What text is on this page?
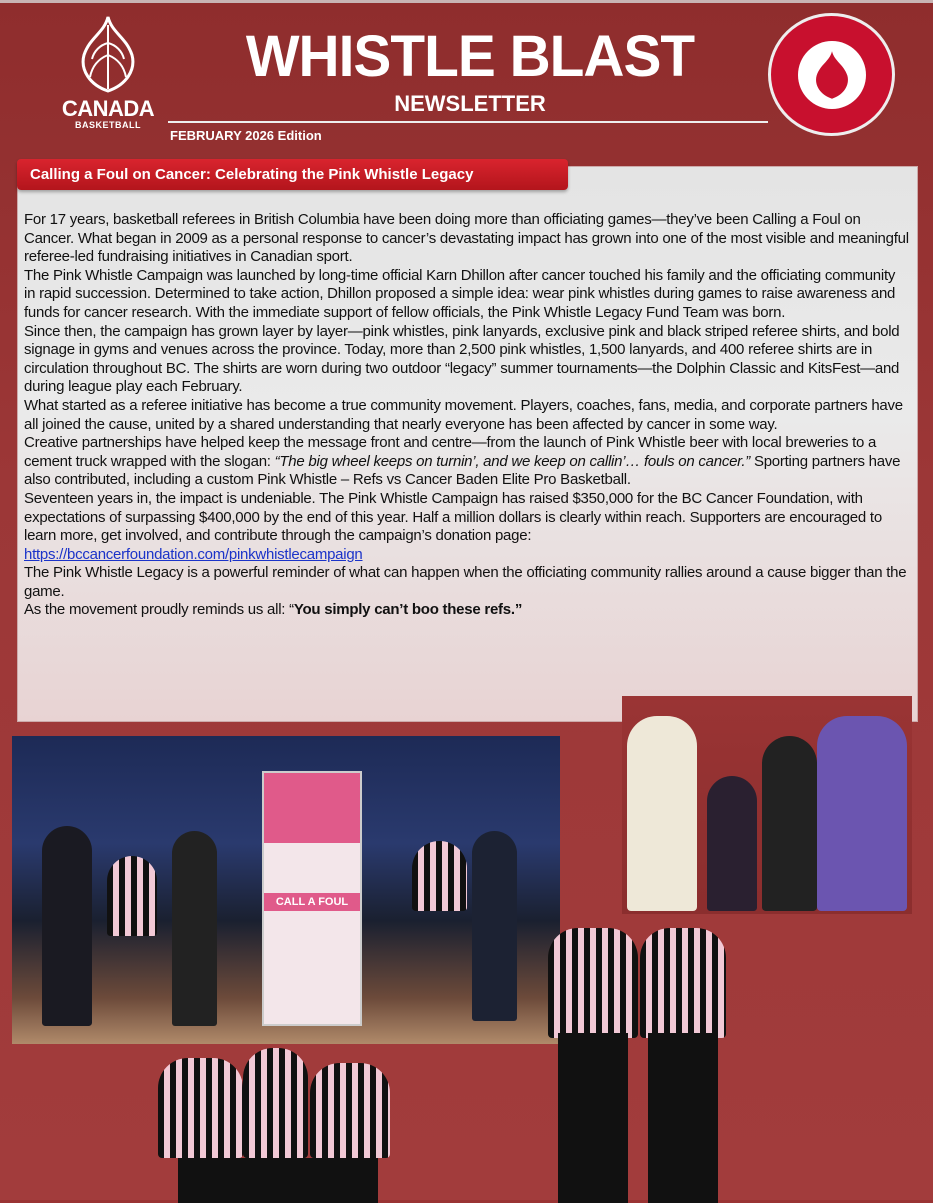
CANADA
BASKETBALL
WHISTLE BLAST
NEWSLETTER
FEBRUARY 2026 Edition
Calling a Foul on Cancer: Celebrating the Pink Whistle Legacy

For 17 years, basketball referees in British Columbia have been doing more than officiating games—they’ve been Calling a Foul on Cancer. What began in 2009 as a personal response to cancer’s devastating impact has grown into one of the most visible and meaningful referee-led fundraising initiatives in Canadian sport.

The Pink Whistle Campaign was launched by long-time official Karn Dhillon after cancer touched his family and the officiating community in rapid succession. Determined to take action, Dhillon proposed a simple idea: wear pink whistles during games to raise awareness and funds for cancer research. With the immediate support of fellow officials, the Pink Whistle Legacy Fund Team was born.

Since then, the campaign has grown layer by layer—pink whistles, pink lanyards, exclusive pink and black striped referee shirts, and bold signage in gyms and venues across the province. Today, more than 2,500 pink whistles, 1,500 lanyards, and 400 referee shirts are in circulation throughout BC. The shirts are worn during two outdoor “legacy” summer tournaments—the Dolphin Classic and KitsFest—and during league play each February.

What started as a referee initiative has become a true community movement. Players, coaches, fans, media, and corporate partners have all joined the cause, united by a shared understanding that nearly everyone has been affected by cancer in some way.

Creative partnerships have helped keep the message front and centre—from the launch of Pink Whistle beer with local breweries to a cement truck wrapped with the slogan: “The big wheel keeps on turnin’, and we keep on callin’… fouls on cancer.” Sporting partners have also contributed, including a custom Pink Whistle – Refs vs Cancer Baden Elite Pro Basketball.

Seventeen years in, the impact is undeniable. The Pink Whistle Campaign has raised $350,000 for the BC Cancer Foundation, with expectations of surpassing $400,000 by the end of this year. Half a million dollars is clearly within reach. Supporters are encouraged to learn more, get involved, and contribute through the campaign’s donation page:

https://bccancerfoundation.com/pinkwhistlecampaign

The Pink Whistle Legacy is a powerful reminder of what can happen when the officiating community rallies around a cause bigger than the game.

As the movement proudly reminds us all: “You simply can’t boo these refs.”

CALL A FOUL
